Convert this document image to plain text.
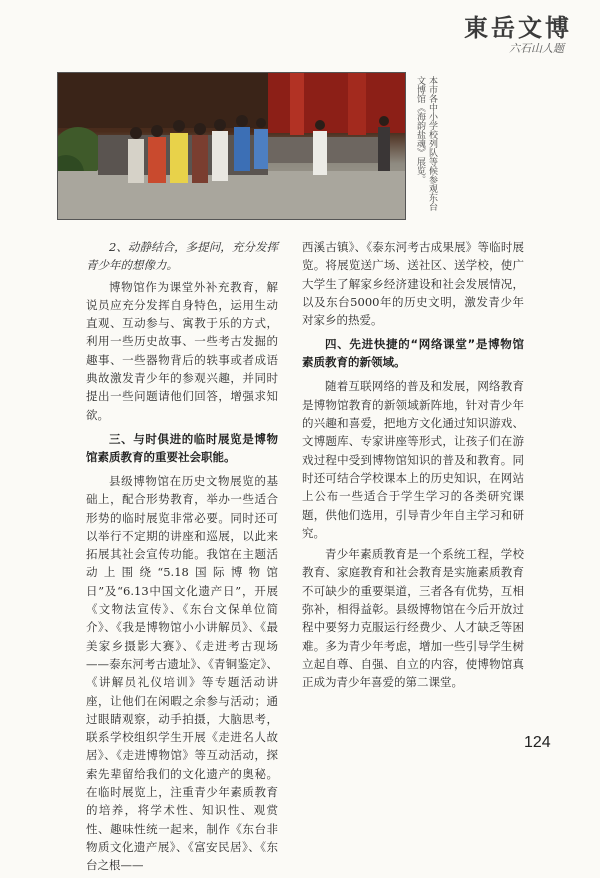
東岳文博
六石山人题
本市各中小学校列队等候参观东台文博馆《海韵盐魂》展览。

2、动静结合，多提问，充分发挥青少年的想像力。

博物馆作为课堂外补充教育，解说员应充分发挥自身特色，运用生动直观、互动参与、寓教于乐的方式，利用一些历史故事、一些考古发掘的趣事、一些器物背后的轶事或者成语典故激发青少年的参观兴趣，并同时提出一些问题请他们回答，增强求知欲。

三、与时俱进的临时展览是博物馆素质教育的重要社会职能。

县级博物馆在历史文物展览的基础上，配合形势教育，举办一些适合形势的临时展览非常必要。同时还可以举行不定期的讲座和巡展，以此来拓展其社会宣传功能。我馆在主题活动上围绕“5.18国际博物馆日”及“6.13中国文化遗产日”，开展《文物法宣传》、《东台文保单位简介》、《我是博物馆小小讲解员》、《最美家乡摄影大赛》、《走进考古现场——泰东河考古遗址》、《青铜鉴定》、《讲解员礼仪培训》等专题活动讲座，让他们在闲暇之余参与活动；通过眼睛观察，动手拍摄，大脑思考，联系学校组织学生开展《走进名人故居》、《走进博物馆》等互动活动，探索先辈留给我们的文化遗产的奥秘。在临时展览上，注重青少年素质教育的培养，将学术性、知识性、观赏性、趣味性统一起来，制作《东台非物质文化遗产展》、《富安民居》、《东台之根——

西溪古镇》、《泰东河考古成果展》等临时展览。将展览送广场、送社区、送学校，使广大学生了解家乡经济建设和社会发展情况，以及东台5000年的历史文明，激发青少年对家乡的热爱。

四、先进快捷的“网络课堂”是博物馆素质教育的新领域。

随着互联网络的普及和发展，网络教育是博物馆教育的新领域新阵地，针对青少年的兴趣和喜爱，把地方文化通过知识游戏、文博题库、专家讲座等形式，让孩子们在游戏过程中受到博物馆知识的普及和教育。同时还可结合学校课本上的历史知识，在网站上公布一些适合于学生学习的各类研究课题，供他们选用，引导青少年自主学习和研究。

青少年素质教育是一个系统工程，学校教育、家庭教育和社会教育是实施素质教育不可缺少的重要渠道，三者各有优势，互相弥补，相得益彰。县级博物馆在今后开放过程中要努力克服运行经费少、人才缺乏等困难。多为青少年考虑，增加一些引导学生树立起自尊、自强、自立的内容，使博物馆真正成为青少年喜爱的第二课堂。

124
